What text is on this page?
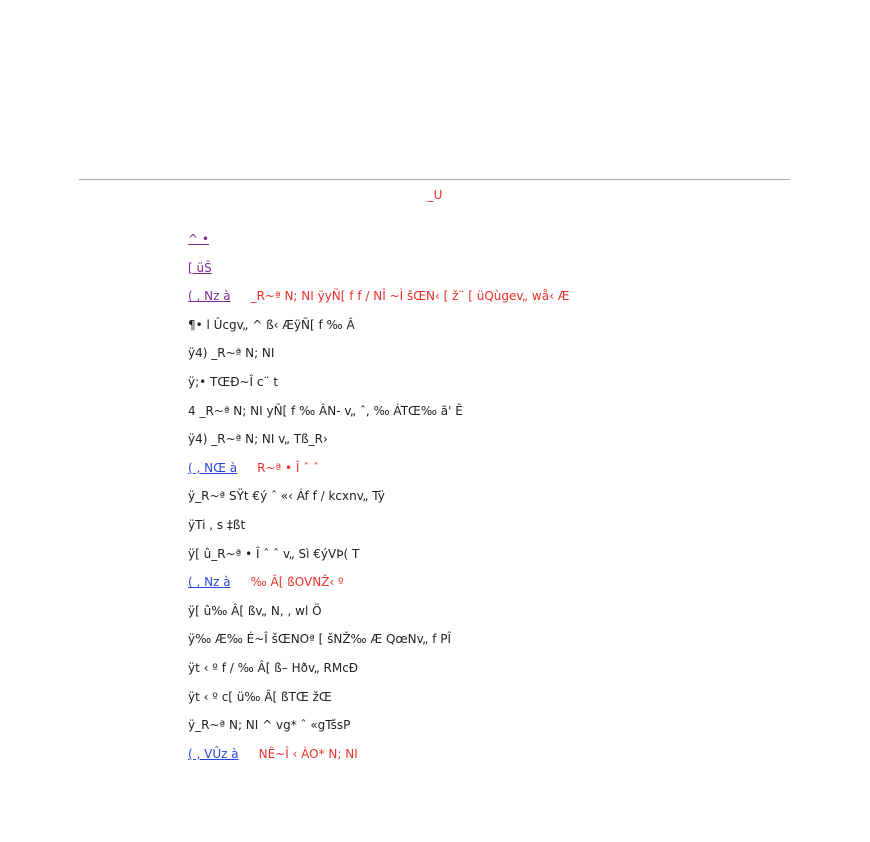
_U
^ •
[ üŠ
( , Nz à _R~ª N; NI ÿyÑ[ f f / NÎ ~Ì šŒN‹ [ ž¨ [ üQùgev„ wå‹ Æ
¶• l Ûcgv„ ^ ß‹ ÆÿÑ[ f ‰ Â
ÿ4) _R~ª N; NI
ÿ;• TŒÐ~Î c¨ t
4 _R~ª N; NI yÑ[ f ‰ ÂN- v„ ˆ, ‰ ÁTŒ‰ ã' Ê
ÿ4) _R~ª N; NI v„ Tß_R›
( , NŒ à R~ª • Î ˆ ˆ
ÿ_R~ª SŸt €ý ˆ «‹ Áf f / kcxnv„ Tÿ
ÿTi , s ‡ßt
ÿ[ û_R~ª • Î ˆ ˆ v„ Sì €ýVÞ( T
( , Nz à ‰ Â[ ßOVNŽ‹ º
ÿ[ û‰ Â[ ßv„ N, , wl Ö
ÿ‰ Æ‰ É~Î šŒNOª [ šNŽ‰ Æ QœNv„ f PÎ
ÿt ‹ º f / ‰ Â[ ß– Hðv„ RMcÐ
ÿt ‹ º c[ ü‰ Â[ ßTŒ žŒ
ÿ_R~ª N; NI ^ vg* ˆ «gTšsP
( , VÛz à NÊ~Î ‹ ÀO* N; NI
